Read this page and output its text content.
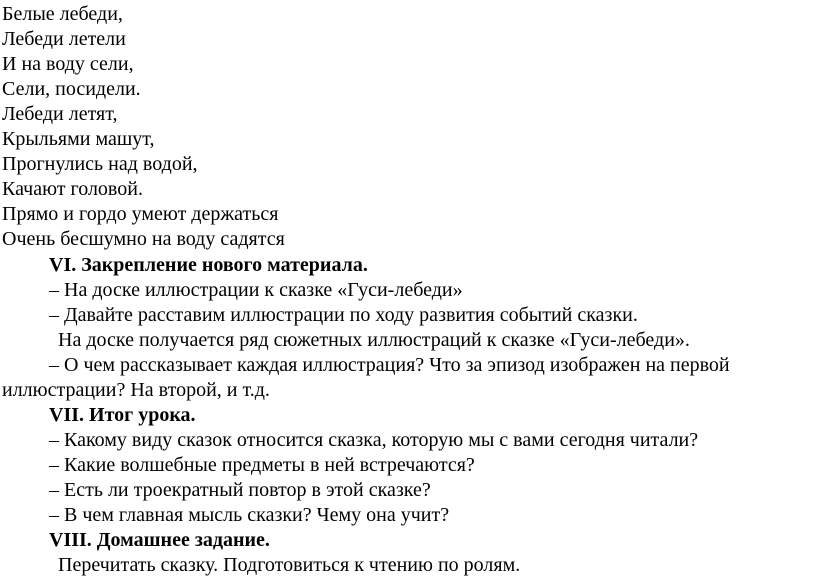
Белые лебеди,
Лебеди летели
И на воду сели,
Сели, посидели.
Лебеди летят,
Крыльями машут,
Прогнулись над водой,
Качают головой.
Прямо и гордо умеют держаться
Очень бесшумно на воду садятся
VI. Закрепление нового материала.
– На доске иллюстрации к сказке «Гуси-лебеди»
– Давайте расставим иллюстрации по ходу развития событий сказки.
На доске получается ряд сюжетных иллюстраций к сказке «Гуси-лебеди».
– О чем рассказывает каждая иллюстрация? Что за эпизод изображен на первой
иллюстрации? На второй, и т.д.
VII. Итог урока.
– Какому виду сказок относится сказка, которую мы с вами сегодня читали?
– Какие волшебные предметы в ней встречаются?
– Есть ли троекратный повтор в этой сказке?
– В чем главная мысль сказки? Чему она учит?
VIII. Домашнее задание.
Перечитать сказку. Подготовиться к чтению по ролям.
